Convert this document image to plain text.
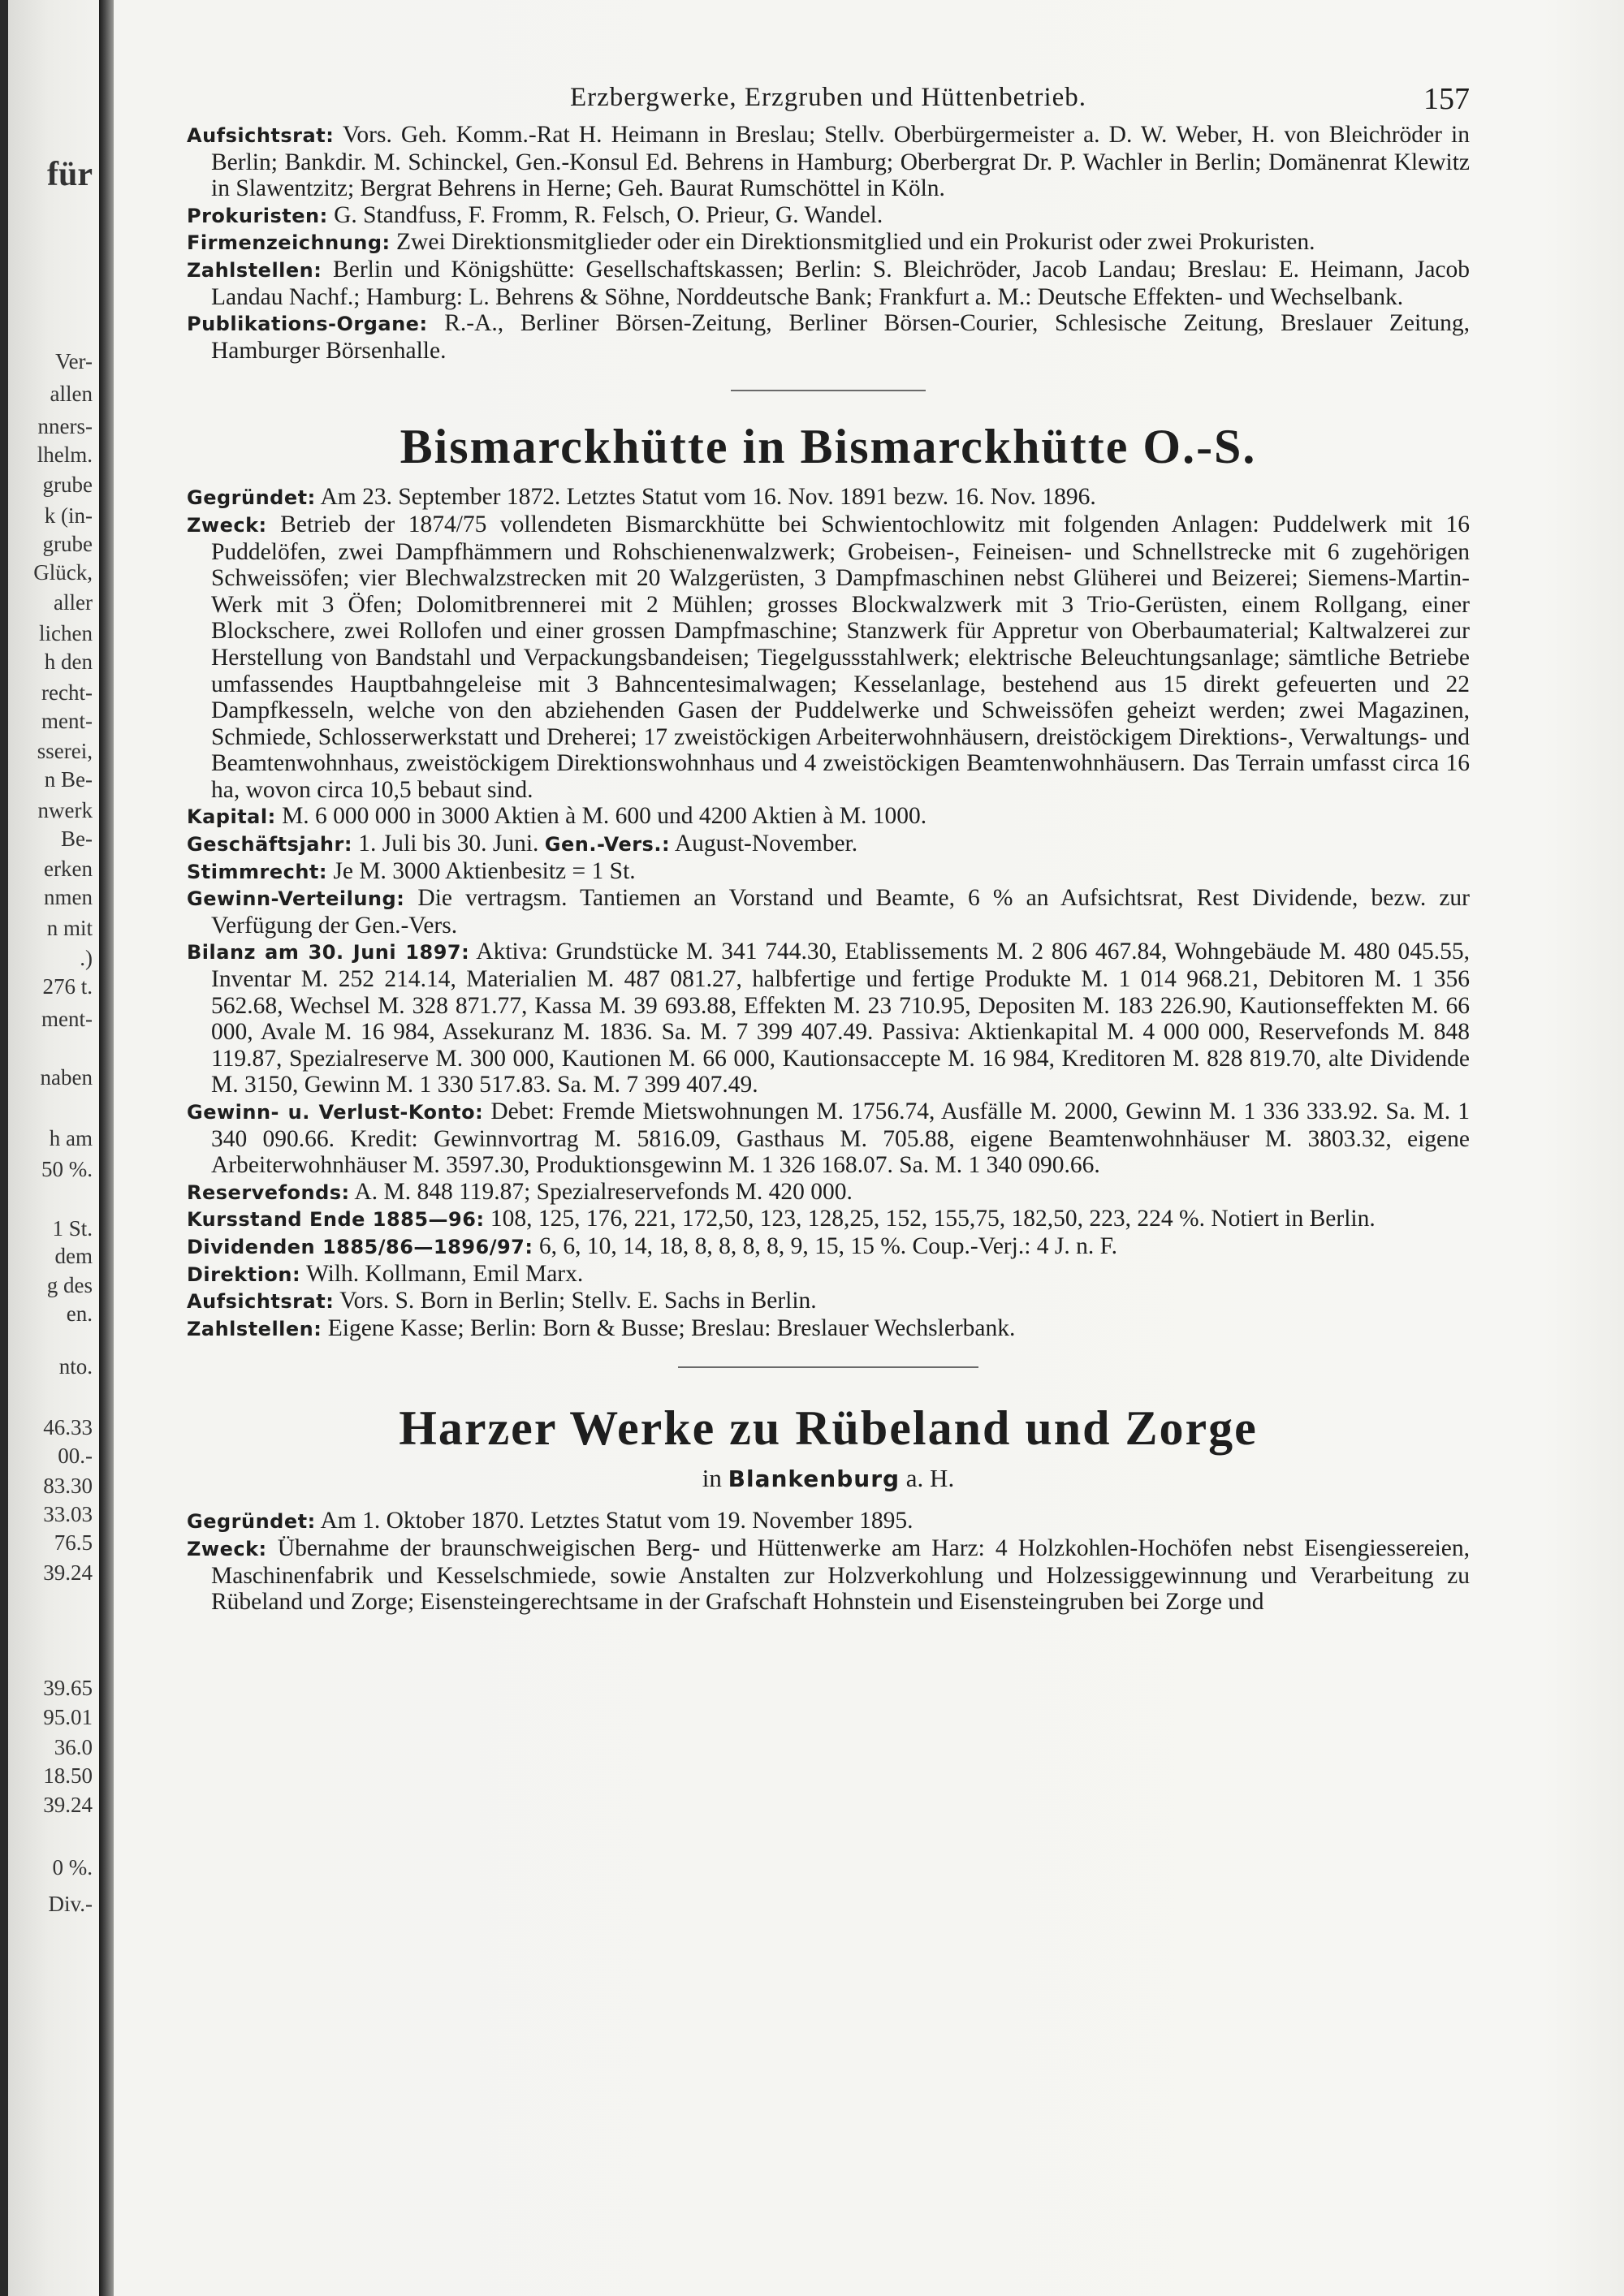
für
Ver-
allen
nners-
lhelm.
grube
k (in-
grube
Glück,
aller
lichen
h den
recht-
ment-
sserei,
n Be-
nwerk
Be-
erken
nmen
n mit
.)
276 t.
ment-
naben
h am
50 %.
1 St.
dem
g des
en.
nto.
46.33
00.-
83.30
33.03
76.5
39.24
39.65
95.01
36.0
18.50
39.24
0 %.
Div.-
Erzbergwerke, Erzgruben und Hüttenbetrieb.	157

Aufsichtsrat: Vors. Geh. Komm.-Rat H. Heimann in Breslau; Stellv. Oberbürgermeister a. D. W. Weber, H. von Bleichröder in Berlin; Bankdir. M. Schinckel, Gen.-Konsul Ed. Behrens in Hamburg; Oberbergrat Dr. P. Wachler in Berlin; Domänenrat Klewitz in Slawentzitz; Bergrat Behrens in Herne; Geh. Baurat Rumschöttel in Köln.

Prokuristen: G. Standfuss, F. Fromm, R. Felsch, O. Prieur, G. Wandel.

Firmenzeichnung: Zwei Direktionsmitglieder oder ein Direktionsmitglied und ein Prokurist oder zwei Prokuristen.

Zahlstellen: Berlin und Königshütte: Gesellschaftskassen; Berlin: S. Bleichröder, Jacob Landau; Breslau: E. Heimann, Jacob Landau Nachf.; Hamburg: L. Behrens & Söhne, Norddeutsche Bank; Frankfurt a. M.: Deutsche Effekten- und Wechselbank.

Publikations-Organe: R.-A., Berliner Börsen-Zeitung, Berliner Börsen-Courier, Schlesische Zeitung, Breslauer Zeitung, Hamburger Börsenhalle.

Bismarckhütte in Bismarckhütte O.-S.

Gegründet: Am 23. September 1872. Letztes Statut vom 16. Nov. 1891 bezw. 16. Nov. 1896.

Zweck: Betrieb der 1874/75 vollendeten Bismarckhütte bei Schwientochlowitz mit folgenden Anlagen: Puddelwerk mit 16 Puddelöfen, zwei Dampfhämmern und Rohschienenwalzwerk; Grobeisen-, Feineisen- und Schnellstrecke mit 6 zugehörigen Schweissöfen; vier Blechwalzstrecken mit 20 Walzgerüsten, 3 Dampfmaschinen nebst Glüherei und Beizerei; Siemens-Martin-Werk mit 3 Öfen; Dolomitbrennerei mit 2 Mühlen; grosses Blockwalzwerk mit 3 Trio-Gerüsten, einem Rollgang, einer Blockschere, zwei Rollofen und einer grossen Dampfmaschine; Stanzwerk für Appretur von Oberbaumaterial; Kaltwalzerei zur Herstellung von Bandstahl und Verpackungsbandeisen; Tiegelgussstahlwerk; elektrische Beleuchtungsanlage; sämtliche Betriebe umfassendes Hauptbahngeleise mit 3 Bahncentesimalwagen; Kesselanlage, bestehend aus 15 direkt gefeuerten und 22 Dampfkesseln, welche von den abziehenden Gasen der Puddelwerke und Schweissöfen geheizt werden; zwei Magazinen, Schmiede, Schlosserwerkstatt und Dreherei; 17 zweistöckigen Arbeiterwohnhäusern, dreistöckigem Direktions-, Verwaltungs- und Beamtenwohnhaus, zweistöckigem Direktionswohnhaus und 4 zweistöckigen Beamtenwohnhäusern. Das Terrain umfasst circa 16 ha, wovon circa 10,5 bebaut sind.

Kapital: M. 6 000 000 in 3000 Aktien à M. 600 und 4200 Aktien à M. 1000.

Geschäftsjahr: 1. Juli bis 30. Juni. Gen.-Vers.: August-November.

Stimmrecht: Je M. 3000 Aktienbesitz = 1 St.

Gewinn-Verteilung: Die vertragsm. Tantiemen an Vorstand und Beamte, 6 % an Aufsichtsrat, Rest Dividende, bezw. zur Verfügung der Gen.-Vers.

Bilanz am 30. Juni 1897: Aktiva: Grundstücke M. 341 744.30, Etablissements M. 2 806 467.84, Wohngebäude M. 480 045.55, Inventar M. 252 214.14, Materialien M. 487 081.27, halbfertige und fertige Produkte M. 1 014 968.21, Debitoren M. 1 356 562.68, Wechsel M. 328 871.77, Kassa M. 39 693.88, Effekten M. 23 710.95, Depositen M. 183 226.90, Kautionseffekten M. 66 000, Avale M. 16 984, Assekuranz M. 1836. Sa. M. 7 399 407.49. Passiva: Aktienkapital M. 4 000 000, Reservefonds M. 848 119.87, Spezialreserve M. 300 000, Kautionen M. 66 000, Kautionsaccepte M. 16 984, Kreditoren M. 828 819.70, alte Dividende M. 3150, Gewinn M. 1 330 517.83. Sa. M. 7 399 407.49.

Gewinn- u. Verlust-Konto: Debet: Fremde Mietswohnungen M. 1756.74, Ausfälle M. 2000, Gewinn M. 1 336 333.92. Sa. M. 1 340 090.66. Kredit: Gewinnvortrag M. 5816.09, Gasthaus M. 705.88, eigene Beamtenwohnhäuser M. 3803.32, eigene Arbeiterwohnhäuser M. 3597.30, Produktionsgewinn M. 1 326 168.07. Sa. M. 1 340 090.66.

Reservefonds: A. M. 848 119.87; Spezialreservefonds M. 420 000.

Kursstand Ende 1885—96: 108, 125, 176, 221, 172,50, 123, 128,25, 152, 155,75, 182,50, 223, 224 %. Notiert in Berlin.

Dividenden 1885/86—1896/97: 6, 6, 10, 14, 18, 8, 8, 8, 8, 9, 15, 15 %. Coup.-Verj.: 4 J. n. F.

Direktion: Wilh. Kollmann, Emil Marx.

Aufsichtsrat: Vors. S. Born in Berlin; Stellv. E. Sachs in Berlin.

Zahlstellen: Eigene Kasse; Berlin: Born & Busse; Breslau: Breslauer Wechslerbank.

Harzer Werke zu Rübeland und Zorge
in Blankenburg a. H.

Gegründet: Am 1. Oktober 1870. Letztes Statut vom 19. November 1895.

Zweck: Übernahme der braunschweigischen Berg- und Hüttenwerke am Harz: 4 Holzkohlen-Hochöfen nebst Eisengiessereien, Maschinenfabrik und Kesselschmiede, sowie Anstalten zur Holzverkohlung und Holzessiggewinnung und Verarbeitung zu Rübeland und Zorge; Eisensteingerechtsame in der Grafschaft Hohnstein und Eisensteingruben bei Zorge und
